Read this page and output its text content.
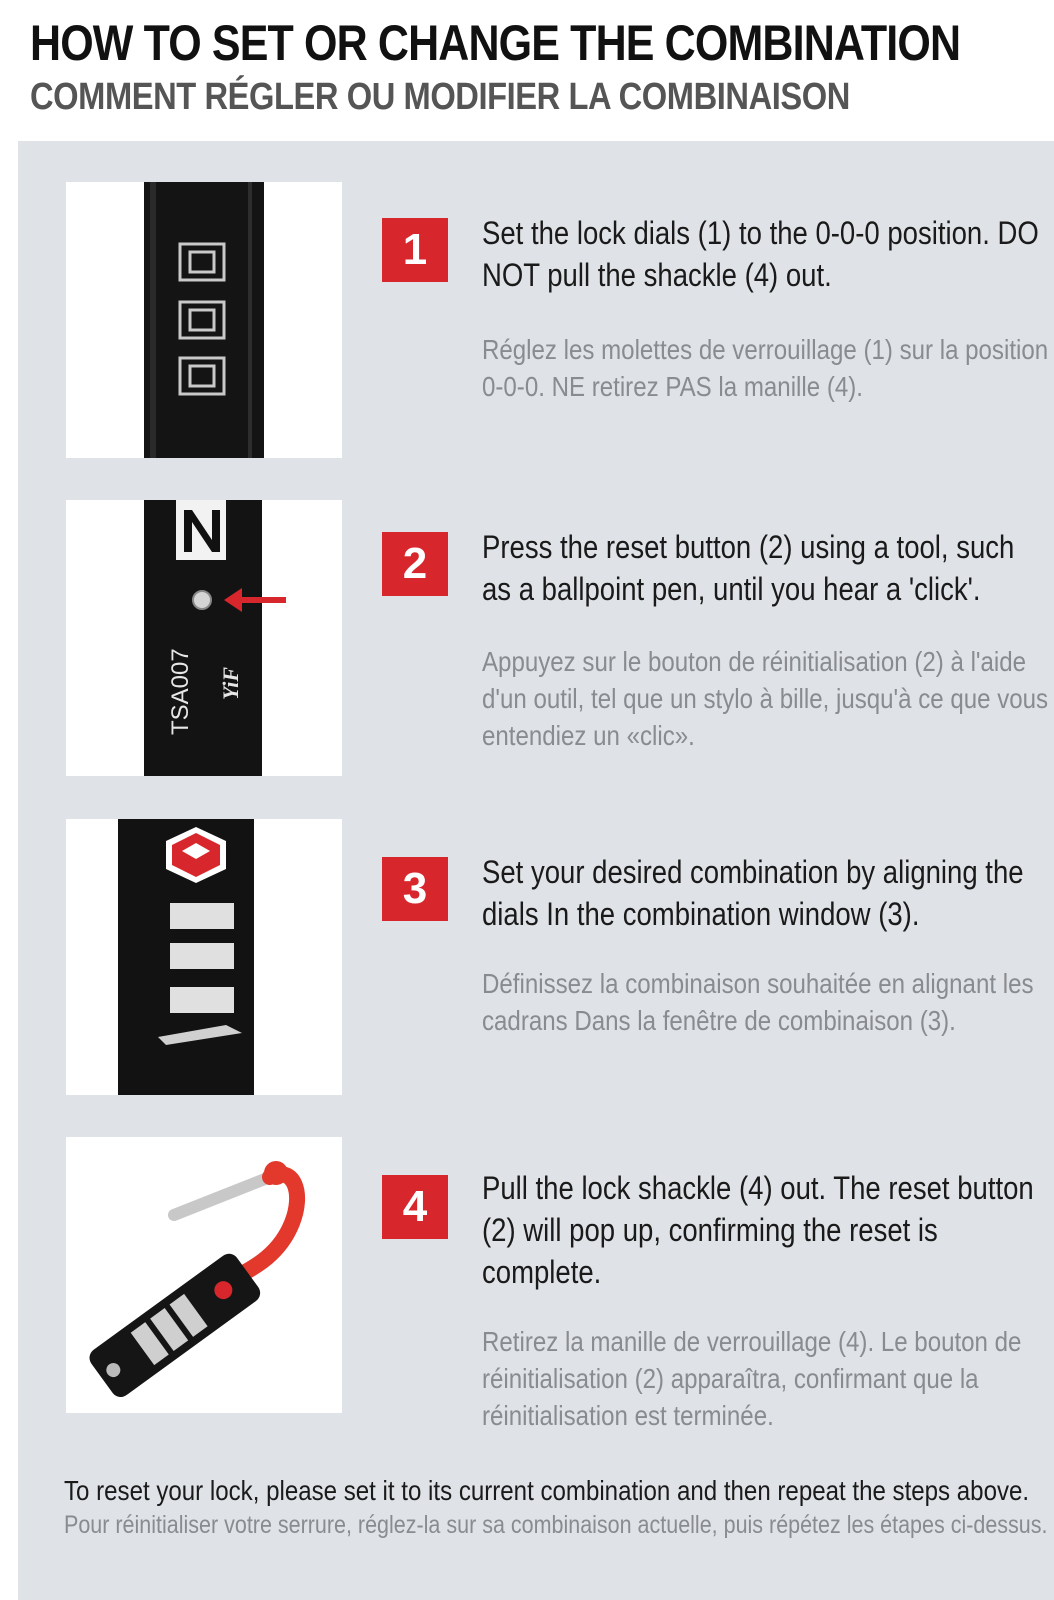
HOW TO SET OR CHANGE THE COMBINATION
COMMENT RÉGLER OU MODIFIER LA COMBINAISON
1	Set the lock dials (1) to the 0-0-0 position. DO NOT pull the shackle (4) out.
Réglez les molettes de verrouillage (1) sur la position 0-0-0. NE retirez PAS la manille (4).
TSA007 YiF
2	Press the reset button (2) using a tool, such as a ballpoint pen, until you hear a 'click'.
Appuyez sur le bouton de réinitialisation (2) à l'aide d'un outil, tel que un stylo à bille, jusqu'à ce que vous entendiez un «clic».
3	Set your desired combination by aligning the dials In the combination window (3).
Définissez la combinaison souhaitée en alignant les cadrans Dans la fenêtre de combinaison (3).
4	Pull the lock shackle (4) out. The reset button (2) will pop up, confirming the reset is complete.
Retirez la manille de verrouillage (4). Le bouton de réinitialisation (2) apparaîtra, confirmant que la réinitialisation est terminée.
To reset your lock, please set it to its current combination and then repeat the steps above.
Pour réinitialiser votre serrure, réglez-la sur sa combinaison actuelle, puis répétez les étapes ci-dessus.
